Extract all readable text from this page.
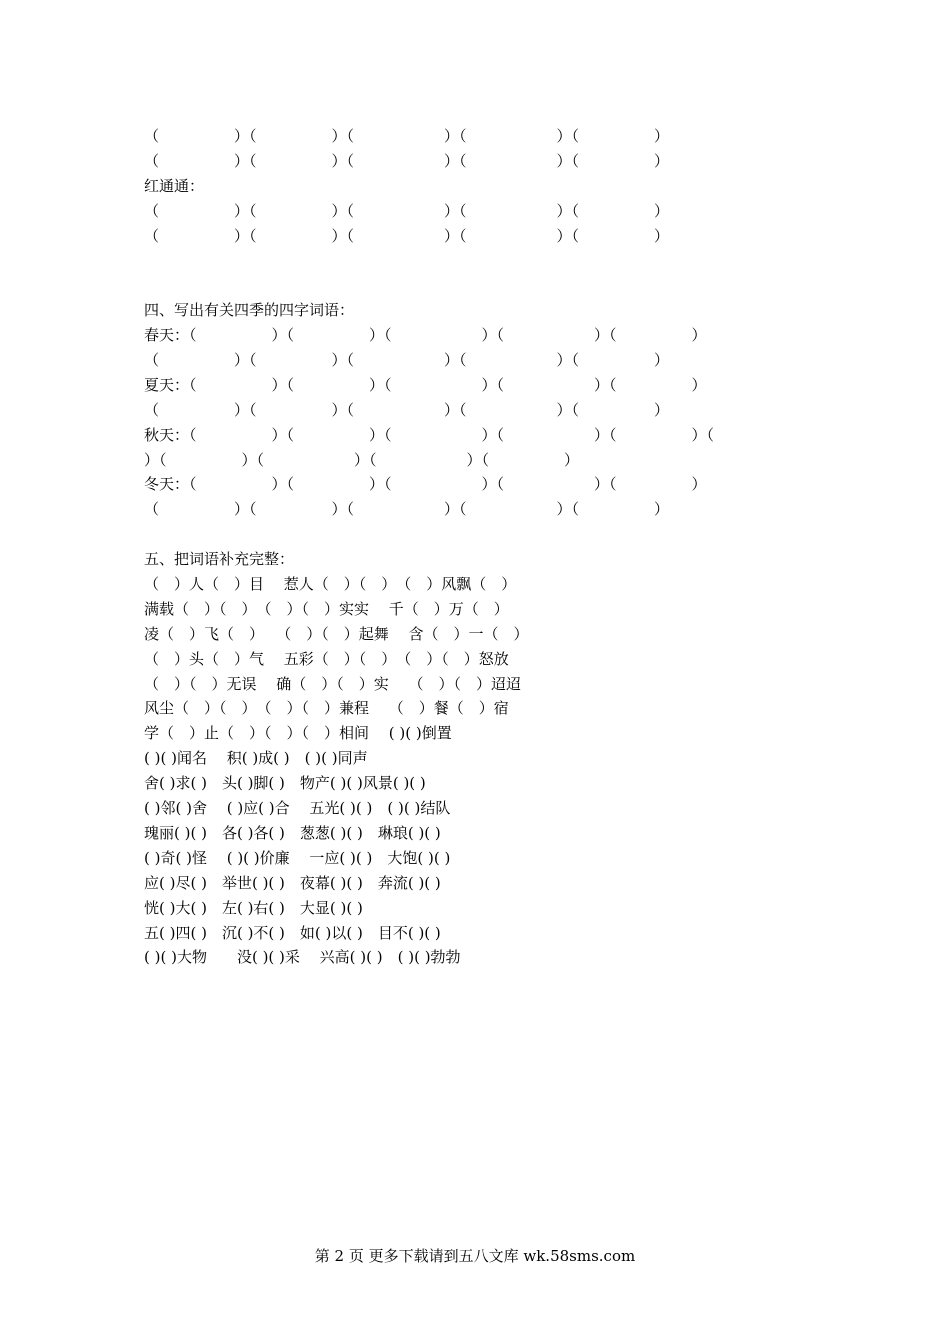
（　　　　　）（　　　　　）（　　　　　　）（　　　　　　）（　　　　　）
（　　　　　）（　　　　　）（　　　　　　）（　　　　　　）（　　　　　）
红通通：
（　　　　　）（　　　　　）（　　　　　　）（　　　　　　）（　　　　　）
（　　　　　）（　　　　　）（　　　　　　）（　　　　　　）（　　　　　）
四、写出有关四季的四字词语：
春天：（　　　　　）（　　　　　）（　　　　　　）（　　　　　　）（　　　　　）
（　　　　　）（　　　　　）（　　　　　　）（　　　　　　）（　　　　　）
夏天：（　　　　　）（　　　　　）（　　　　　　）（　　　　　　）（　　　　　）
（　　　　　）（　　　　　）（　　　　　　）（　　　　　　）（　　　　　）
秋天：（　　　　　）（　　　　　）（　　　　　　）（　　　　　　）（　　　　　）（
）（　　　　　）（　　　　　　）（　　　　　　）（　　　　　）
冬天：（　　　　　）（　　　　　）（　　　　　　）（　　　　　　）（　　　　　）
（　　　　　）（　　　　　）（　　　　　　）（　　　　　　）（　　　　　）
五、把词语补充完整：
（　）人（　）目　 惹人（　）（　）　（　）风飘（　）
满载（　）（　）　（　）（　）实实　 千（　）万（　）
凌（　）飞（　）　 （　）（　）起舞　 含（　）一（　）
（　）头（　）气　 五彩（　）（　）　（　）（　）怒放
（　）（　）无误　 确（　）（　）实　 （　）（　）迢迢
风尘（　）（　）　（　）（　）兼程　 （　）餐（　）宿
学（　）止（　）（　）（　）相间　 ( )( )倒置
( )( )闻名　 积( )成( )　( )( )同声
舍( )求( )　头( )脚( )　物产( )( )风景( )( )
( )邻( )舍　 ( )应( )合　 五光( )( )　( )( )结队
瑰丽( )( )　各( )各( )　葱葱( )( )　琳琅( )( )
( )奇( )怪　 ( )( )价廉　 一应( )( )　大饱( )( )
应( )尽( )　举世( )( )　夜幕( )( )　奔流( )( )
恍( )大( )　左( )右( )　大显( )( )
五( )四( )　沉( )不( )　如( )以( )　目不( )( )
( )( )大物　　没( )( )采　 兴高( )( )　( )( )勃勃
第 2 页 更多下载请到五八文库 wk.58sms.com
